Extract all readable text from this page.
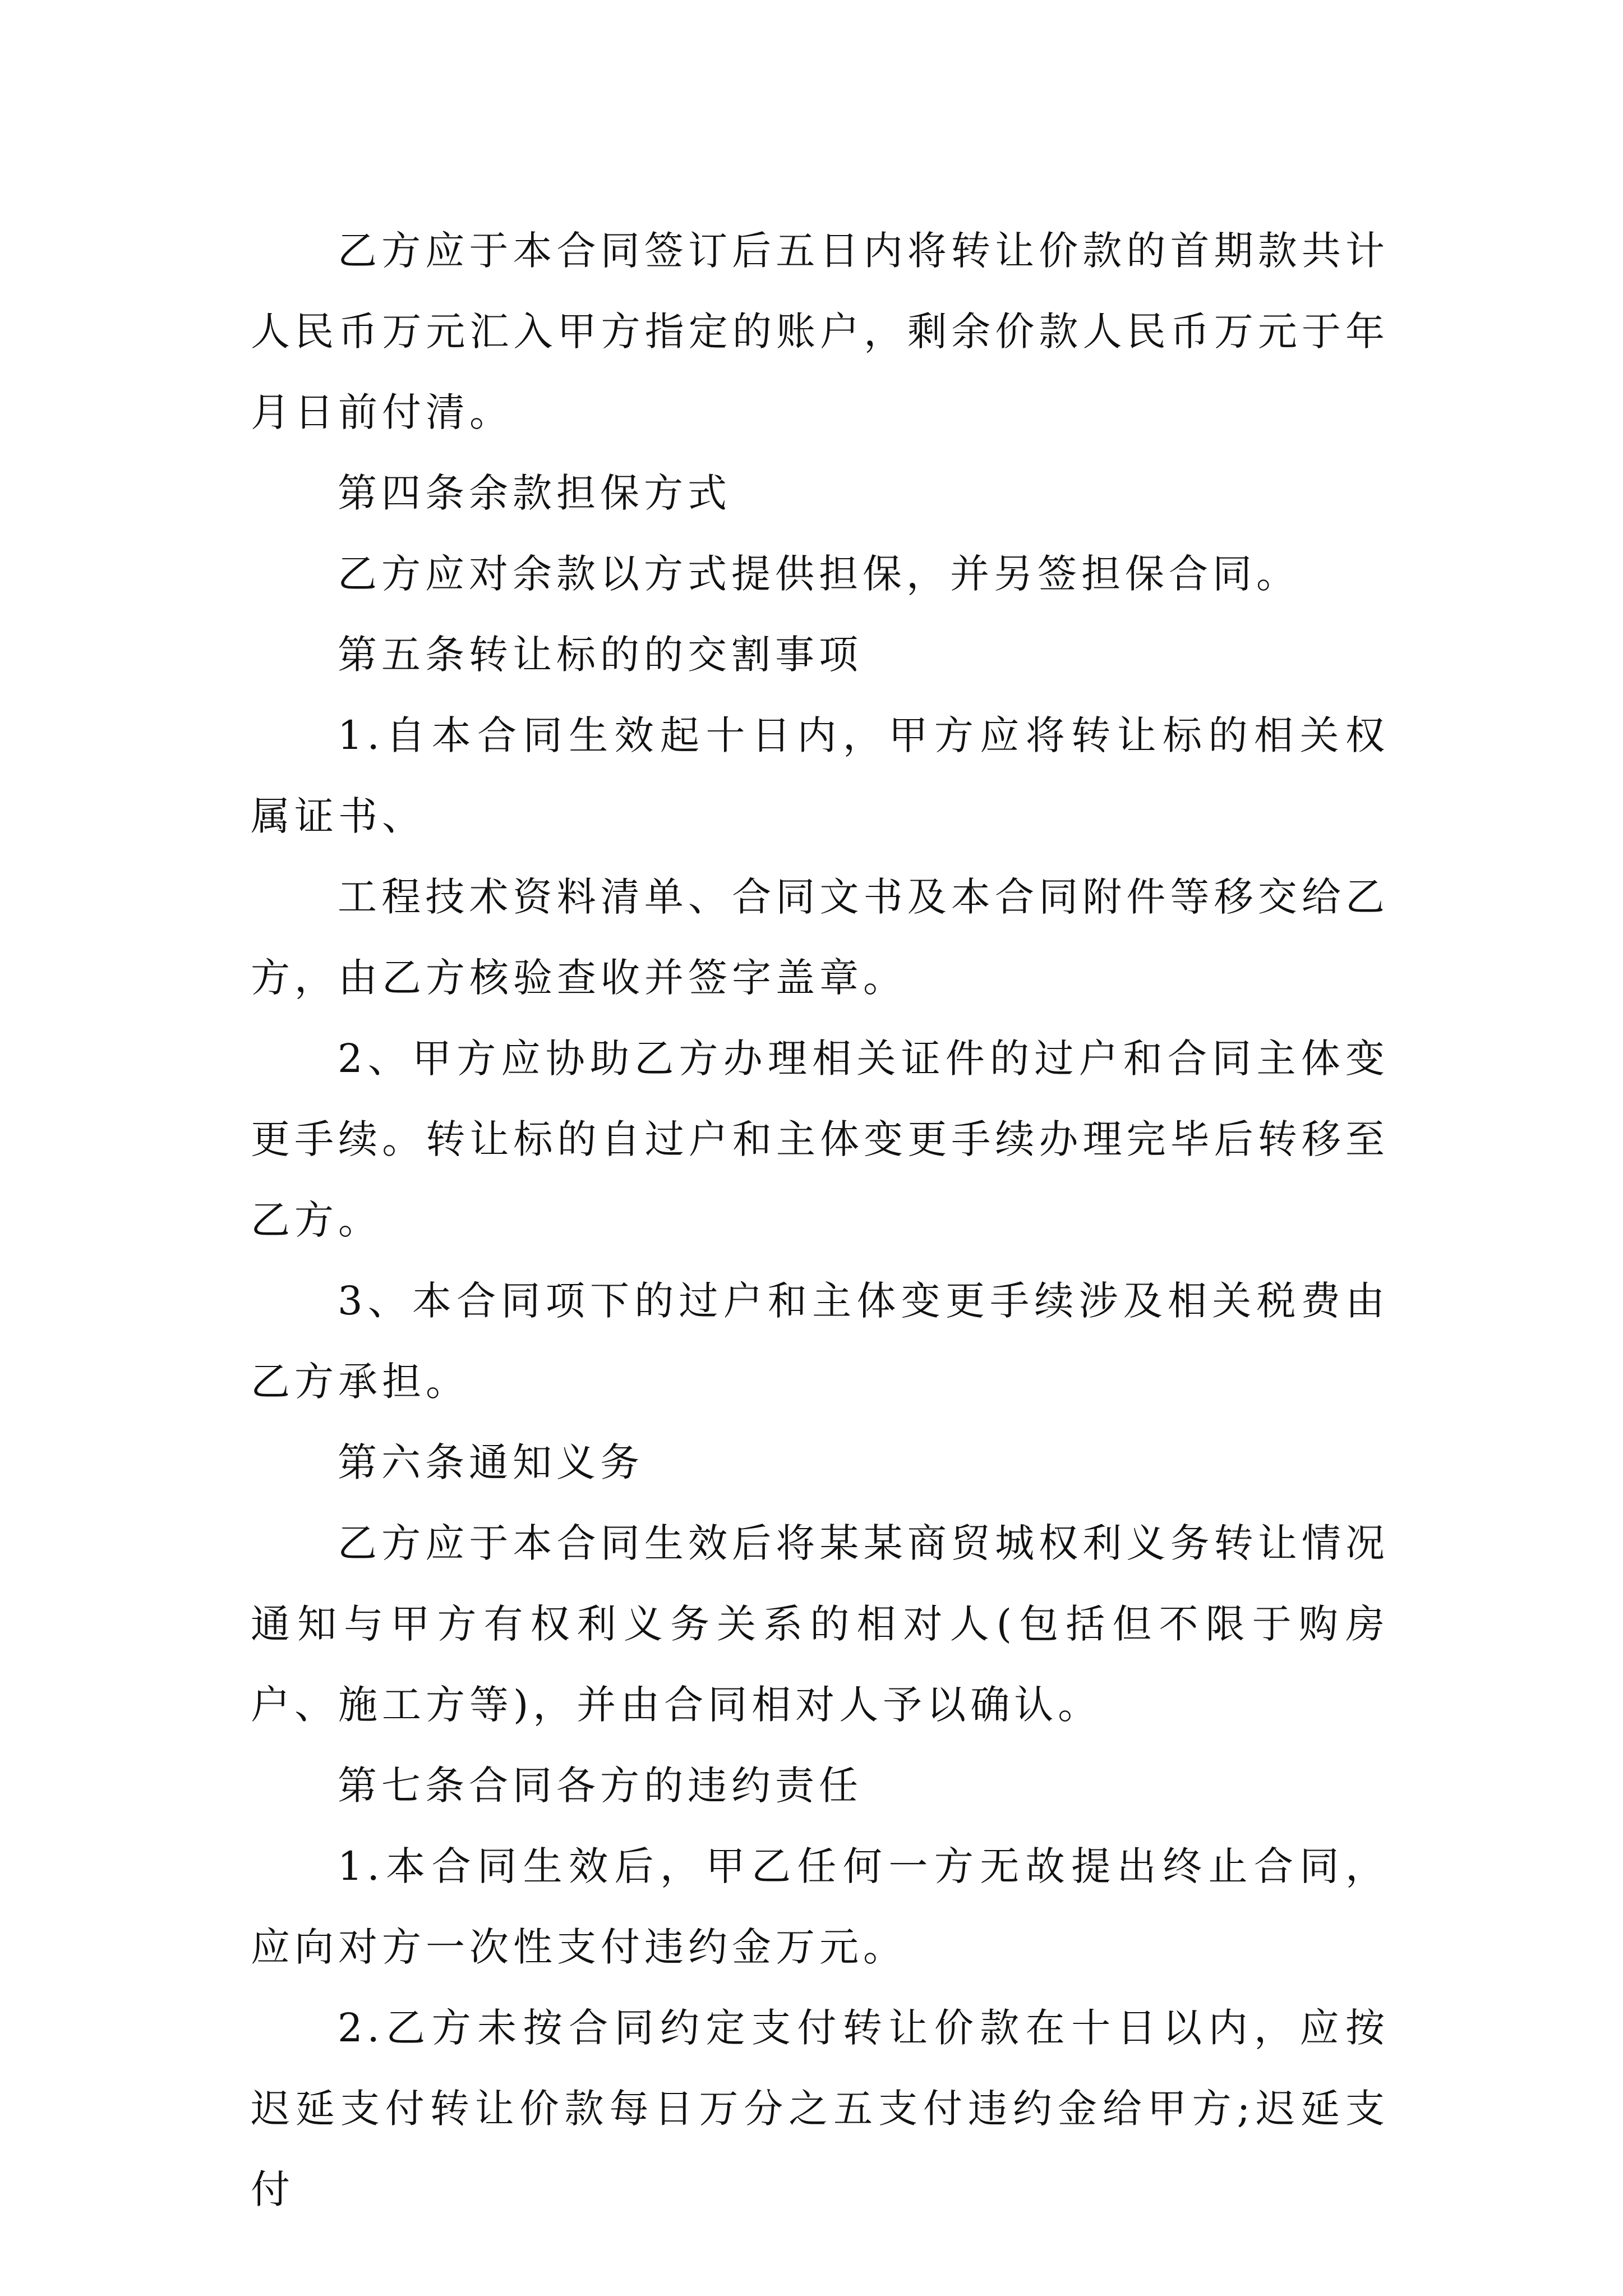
乙方应于本合同签订后五日内将转让价款的首期款共计人民币万元汇入甲方指定的账户，剩余价款人民币万元于年月日前付清。

第四条余款担保方式

乙方应对余款以方式提供担保，并另签担保合同。

第五条转让标的的交割事项

1.自本合同生效起十日内，甲方应将转让标的相关权属证书、

工程技术资料清单、合同文书及本合同附件等移交给乙方，由乙方核验查收并签字盖章。

2、甲方应协助乙方办理相关证件的过户和合同主体变更手续。转让标的自过户和主体变更手续办理完毕后转移至乙方。

3、本合同项下的过户和主体变更手续涉及相关税费由乙方承担。

第六条通知义务

乙方应于本合同生效后将某某商贸城权利义务转让情况通知与甲方有权利义务关系的相对人(包括但不限于购房户、施工方等)，并由合同相对人予以确认。

第七条合同各方的违约责任

1.本合同生效后，甲乙任何一方无故提出终止合同，应向对方一次性支付违约金万元。

2.乙方未按合同约定支付转让价款在十日以内，应按迟延支付转让价款每日万分之五支付违约金给甲方;迟延支付
